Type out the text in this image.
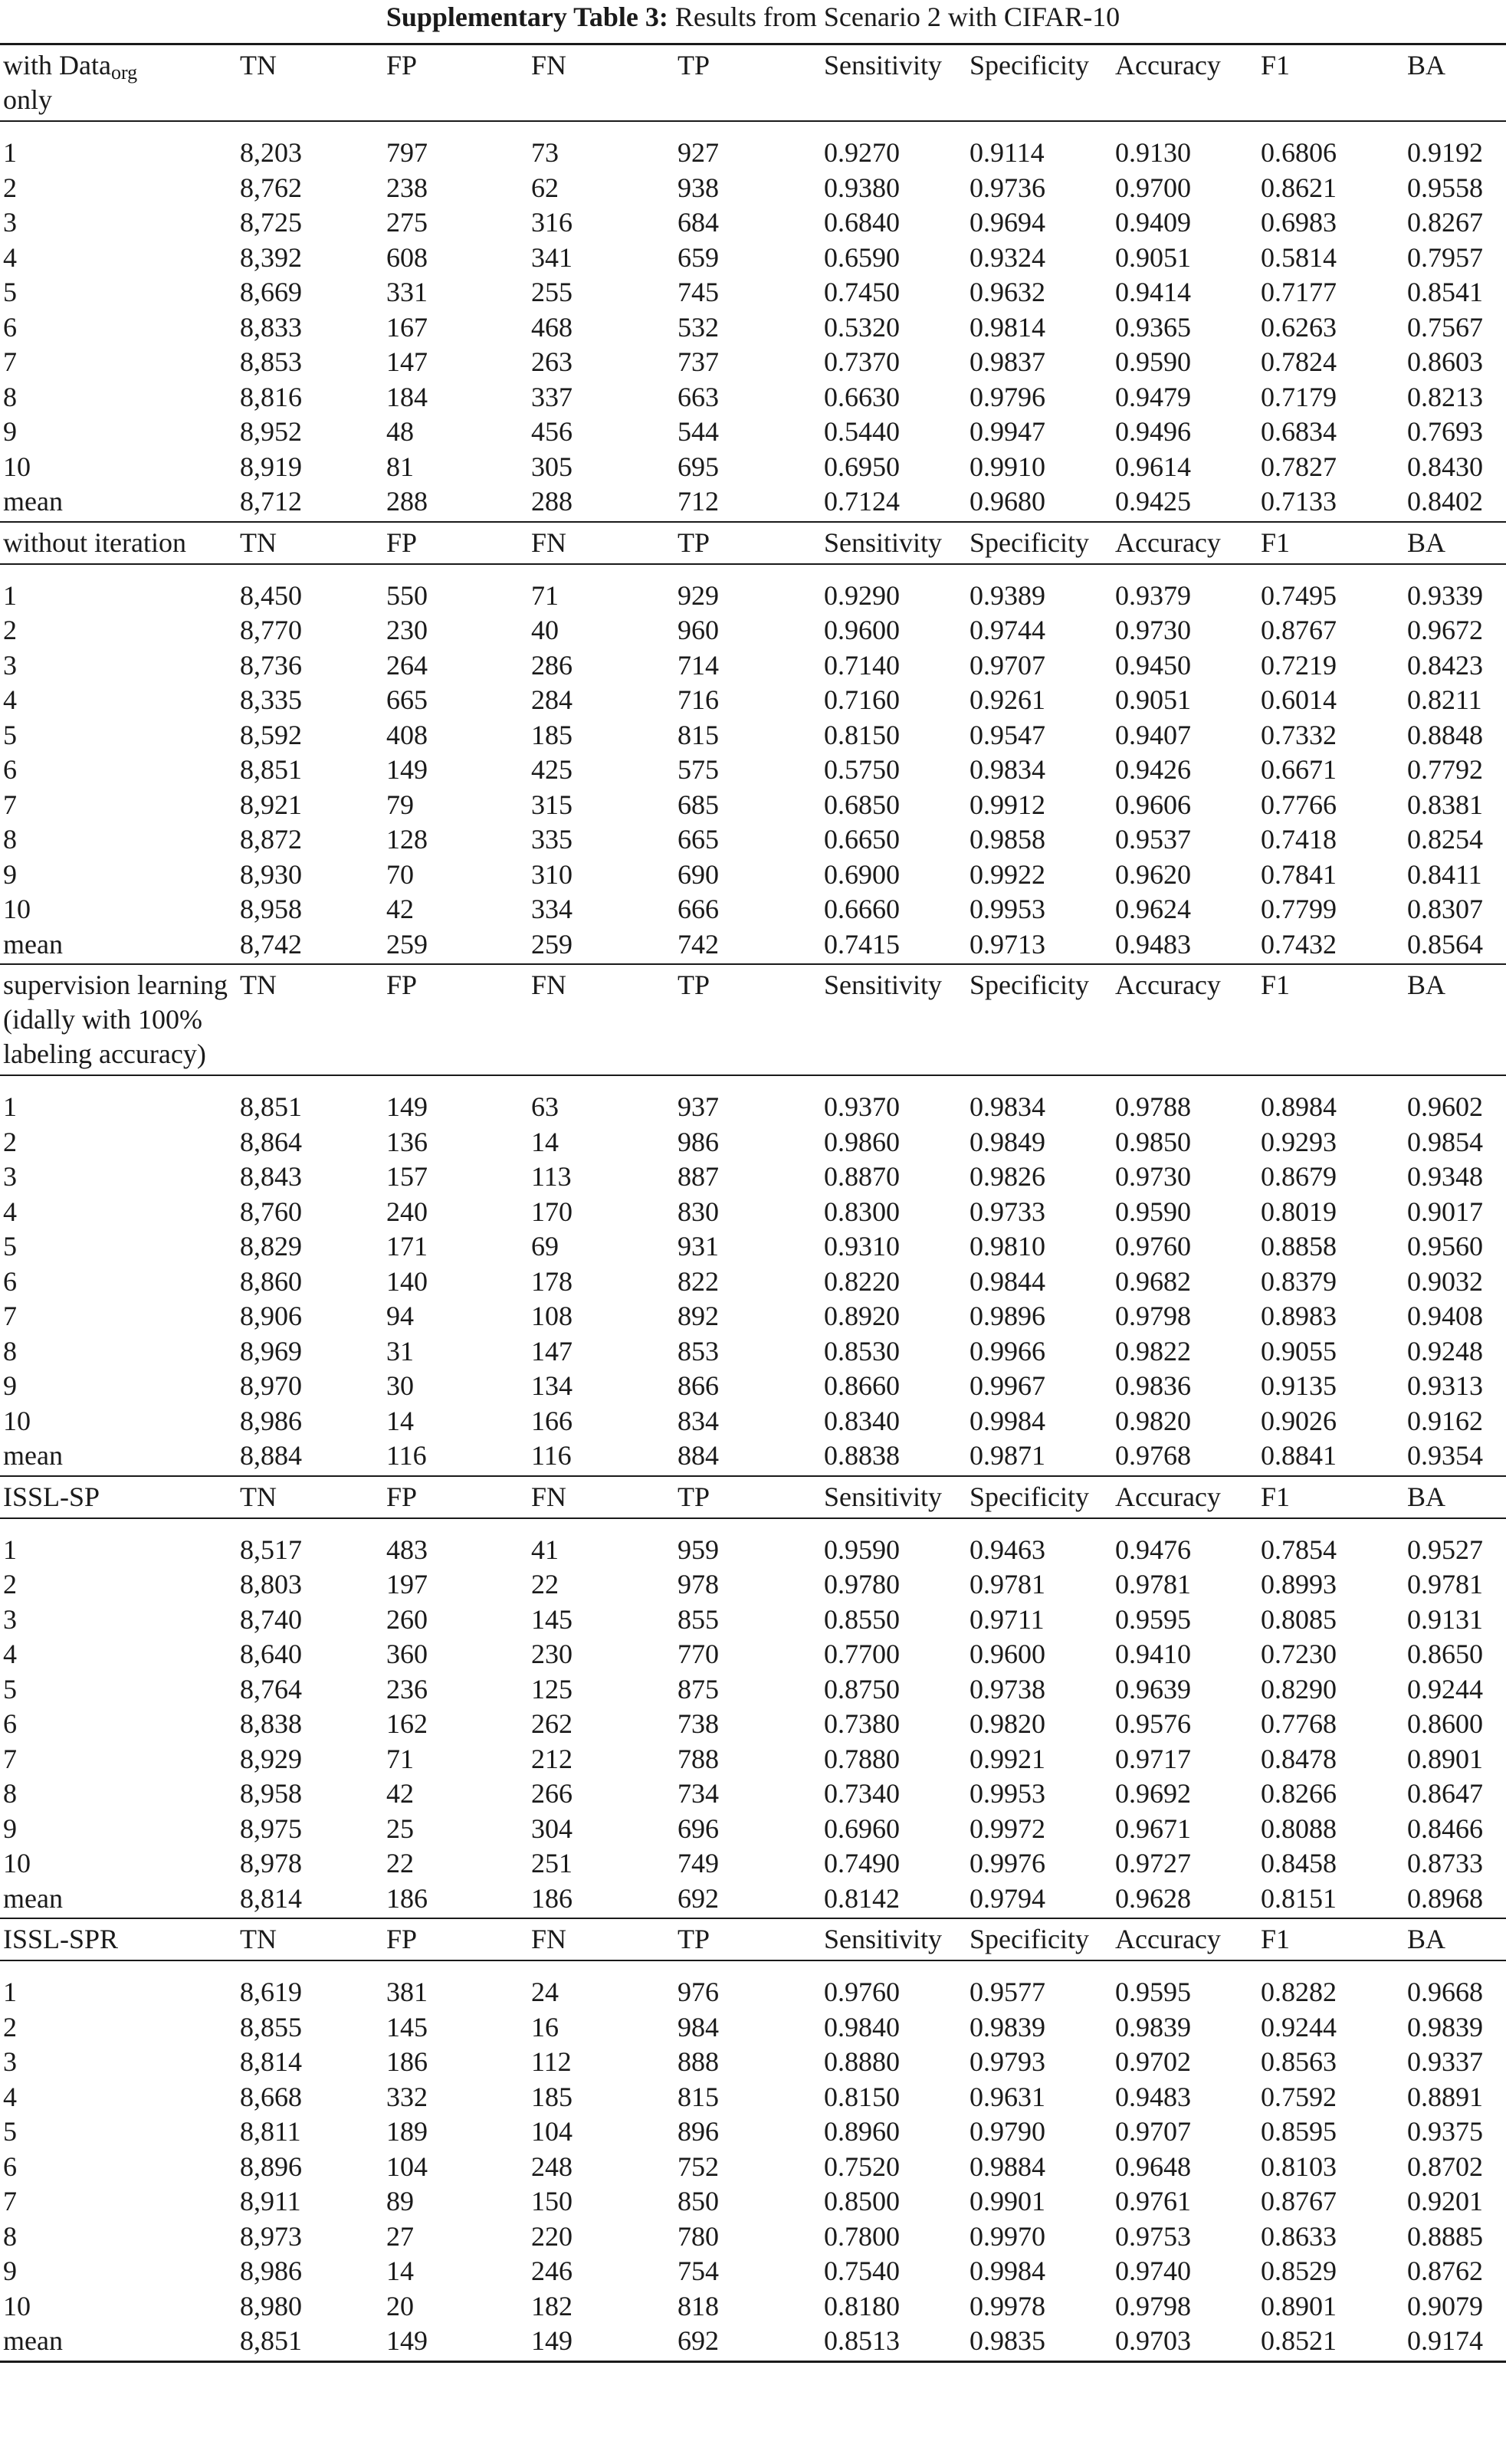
Supplementary Table 3: Results from Scenario 2 with CIFAR-10
with Data$_{org}$
only	TN	FP	FN	TP	Sensitivity	Specificity	Accuracy	F1	BA
1	8,203	797	73	927	0.9270	0.9114	0.9130	0.6806	0.9192
2	8,762	238	62	938	0.9380	0.9736	0.9700	0.8621	0.9558
3	8,725	275	316	684	0.6840	0.9694	0.9409	0.6983	0.8267
4	8,392	608	341	659	0.6590	0.9324	0.9051	0.5814	0.7957
5	8,669	331	255	745	0.7450	0.9632	0.9414	0.7177	0.8541
6	8,833	167	468	532	0.5320	0.9814	0.9365	0.6263	0.7567
7	8,853	147	263	737	0.7370	0.9837	0.9590	0.7824	0.8603
8	8,816	184	337	663	0.6630	0.9796	0.9479	0.7179	0.8213
9	8,952	48	456	544	0.5440	0.9947	0.9496	0.6834	0.7693
10	8,919	81	305	695	0.6950	0.9910	0.9614	0.7827	0.8430
mean	8,712	288	288	712	0.7124	0.9680	0.9425	0.7133	0.8402
without iteration	TN	FP	FN	TP	Sensitivity	Specificity	Accuracy	F1	BA
1	8,450	550	71	929	0.9290	0.9389	0.9379	0.7495	0.9339
2	8,770	230	40	960	0.9600	0.9744	0.9730	0.8767	0.9672
3	8,736	264	286	714	0.7140	0.9707	0.9450	0.7219	0.8423
4	8,335	665	284	716	0.7160	0.9261	0.9051	0.6014	0.8211
5	8,592	408	185	815	0.8150	0.9547	0.9407	0.7332	0.8848
6	8,851	149	425	575	0.5750	0.9834	0.9426	0.6671	0.7792
7	8,921	79	315	685	0.6850	0.9912	0.9606	0.7766	0.8381
8	8,872	128	335	665	0.6650	0.9858	0.9537	0.7418	0.8254
9	8,930	70	310	690	0.6900	0.9922	0.9620	0.7841	0.8411
10	8,958	42	334	666	0.6660	0.9953	0.9624	0.7799	0.8307
mean	8,742	259	259	742	0.7415	0.9713	0.9483	0.7432	0.8564
supervision learning (idally with 100% labeling accuracy)	TN	FP	FN	TP	Sensitivity	Specificity	Accuracy	F1	BA
1	8,851	149	63	937	0.9370	0.9834	0.9788	0.8984	0.9602
2	8,864	136	14	986	0.9860	0.9849	0.9850	0.9293	0.9854
3	8,843	157	113	887	0.8870	0.9826	0.9730	0.8679	0.9348
4	8,760	240	170	830	0.8300	0.9733	0.9590	0.8019	0.9017
5	8,829	171	69	931	0.9310	0.9810	0.9760	0.8858	0.9560
6	8,860	140	178	822	0.8220	0.9844	0.9682	0.8379	0.9032
7	8,906	94	108	892	0.8920	0.9896	0.9798	0.8983	0.9408
8	8,969	31	147	853	0.8530	0.9966	0.9822	0.9055	0.9248
9	8,970	30	134	866	0.8660	0.9967	0.9836	0.9135	0.9313
10	8,986	14	166	834	0.8340	0.9984	0.9820	0.9026	0.9162
mean	8,884	116	116	884	0.8838	0.9871	0.9768	0.8841	0.9354
ISSL-SP	TN	FP	FN	TP	Sensitivity	Specificity	Accuracy	F1	BA
1	8,517	483	41	959	0.9590	0.9463	0.9476	0.7854	0.9527
2	8,803	197	22	978	0.9780	0.9781	0.9781	0.8993	0.9781
3	8,740	260	145	855	0.8550	0.9711	0.9595	0.8085	0.9131
4	8,640	360	230	770	0.7700	0.9600	0.9410	0.7230	0.8650
5	8,764	236	125	875	0.8750	0.9738	0.9639	0.8290	0.9244
6	8,838	162	262	738	0.7380	0.9820	0.9576	0.7768	0.8600
7	8,929	71	212	788	0.7880	0.9921	0.9717	0.8478	0.8901
8	8,958	42	266	734	0.7340	0.9953	0.9692	0.8266	0.8647
9	8,975	25	304	696	0.6960	0.9972	0.9671	0.8088	0.8466
10	8,978	22	251	749	0.7490	0.9976	0.9727	0.8458	0.8733
mean	8,814	186	186	692	0.8142	0.9794	0.9628	0.8151	0.8968
ISSL-SPR	TN	FP	FN	TP	Sensitivity	Specificity	Accuracy	F1	BA
1	8,619	381	24	976	0.9760	0.9577	0.9595	0.8282	0.9668
2	8,855	145	16	984	0.9840	0.9839	0.9839	0.9244	0.9839
3	8,814	186	112	888	0.8880	0.9793	0.9702	0.8563	0.9337
4	8,668	332	185	815	0.8150	0.9631	0.9483	0.7592	0.8891
5	8,811	189	104	896	0.8960	0.9790	0.9707	0.8595	0.9375
6	8,896	104	248	752	0.7520	0.9884	0.9648	0.8103	0.8702
7	8,911	89	150	850	0.8500	0.9901	0.9761	0.8767	0.9201
8	8,973	27	220	780	0.7800	0.9970	0.9753	0.8633	0.8885
9	8,986	14	246	754	0.7540	0.9984	0.9740	0.8529	0.8762
10	8,980	20	182	818	0.8180	0.9978	0.9798	0.8901	0.9079
mean	8,851	149	149	692	0.8513	0.9835	0.9703	0.8521	0.9174
